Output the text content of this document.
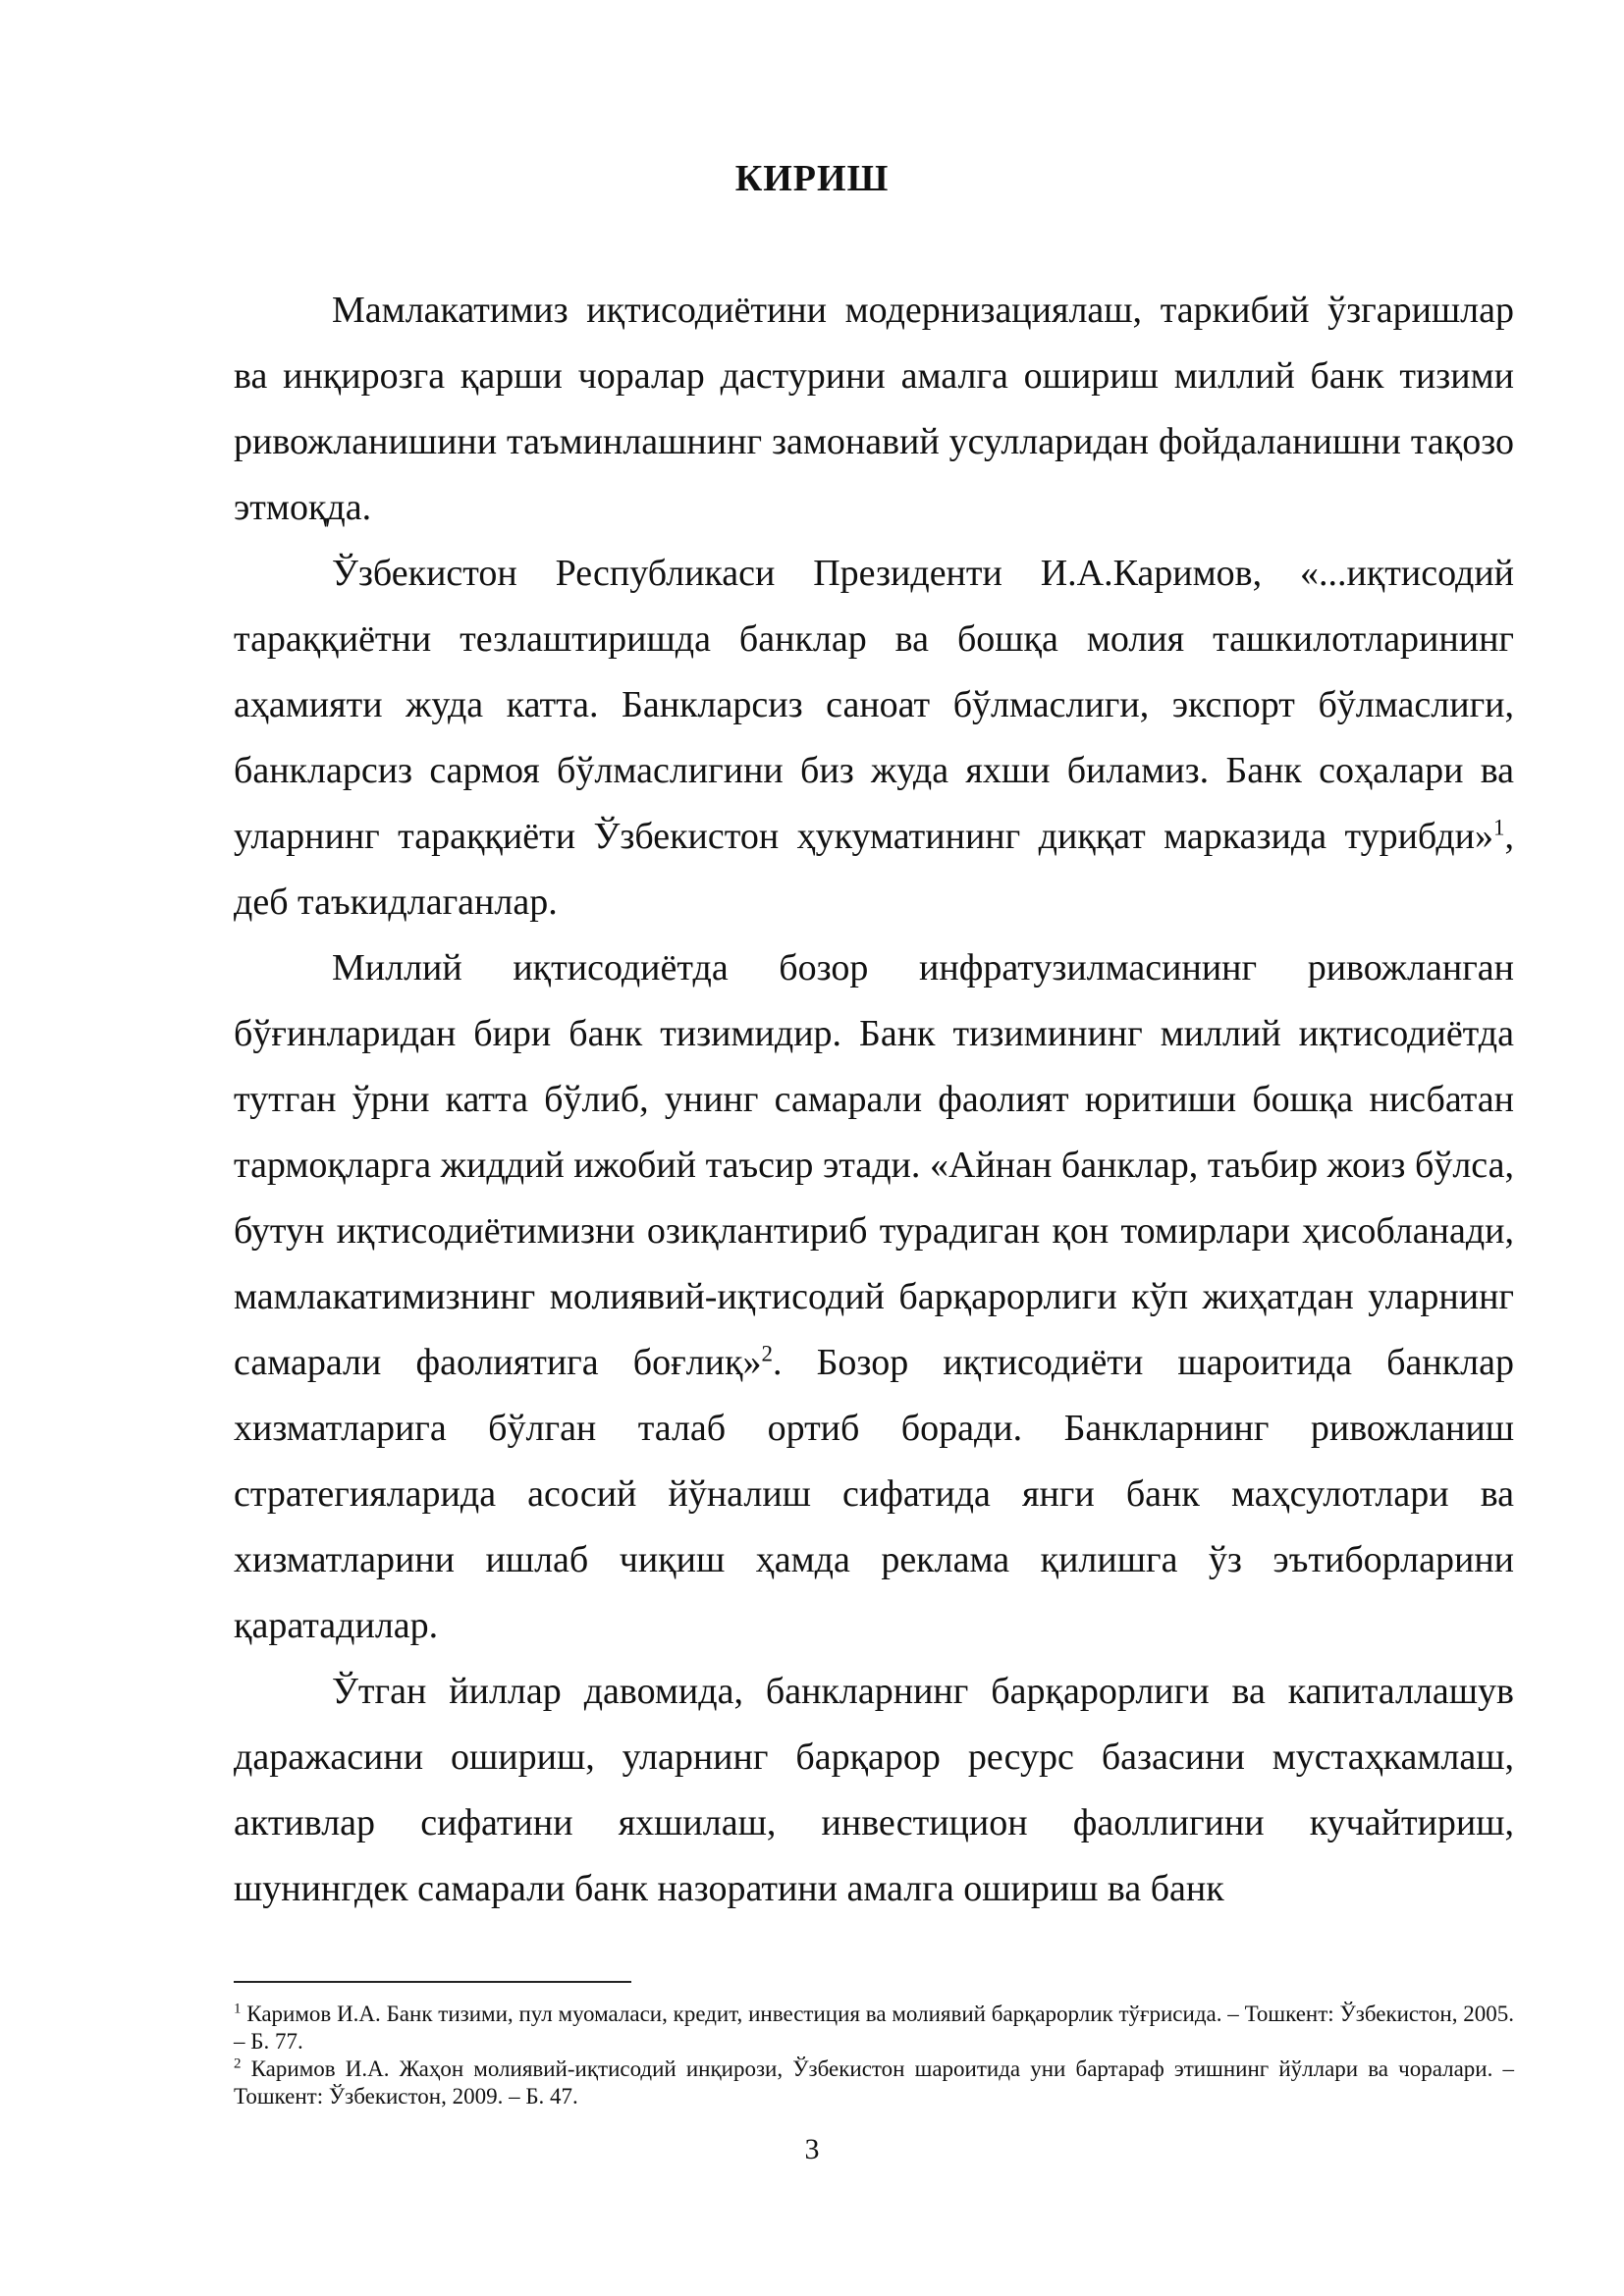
КИРИШ

Мамлакатимиз иқтисодиётини модернизациялаш, таркибий ўзгаришлар ва инқирозга қарши чоралар дастурини амалга ошириш миллий банк тизими ривожланишини таъминлашнинг замонавий усулларидан фойдаланишни тақозо этмоқда.

Ўзбекистон Республикаси Президенти И.А.Каримов, «...иқтисодий тараққиётни тезлаштиришда банклар ва бошқа молия ташкилотларининг аҳамияти жуда катта. Банкларсиз саноат бўлмаслиги, экспорт бўлмаслиги, банкларсиз сармоя бўлмаслигини биз жуда яхши биламиз. Банк соҳалари ва уларнинг тараққиёти Ўзбекистон ҳукуматининг диққат марказида турибди»$^1$, деб таъкидлаганлар.

Миллий иқтисодиётда бозор инфратузилмасининг ривожланган бўғинларидан бири банк тизимидир. Банк тизимининг миллий иқтисодиётда тутган ўрни катта бўлиб, унинг самарали фаолият юритиши бошқа нисбатан тармоқларга жиддий ижобий таъсир этади. «Айнан банклар, таъбир жоиз бўлса, бутун иқтисодиётимизни озиқлантириб турадиган қон томирлари ҳисобланади, мамлакатимизнинг молиявий-иқтисодий барқарорлиги кўп жиҳатдан уларнинг самарали фаолиятига боғлиқ»$^2$. Бозор иқтисодиёти шароитида банклар хизматларига бўлган талаб ортиб боради. Банкларнинг ривожланиш стратегияларида асосий йўналиш сифатида янги банк маҳсулотлари ва хизматларини ишлаб чиқиш ҳамда реклама қилишга ўз эътиборларини қаратадилар.

Ўтган йиллар давомида, банкларнинг барқарорлиги ва капиталлашув даражасини ошириш, уларнинг барқарор ресурс базасини мустаҳкамлаш, активлар сифатини яхшилаш, инвестицион фаоллигини кучайтириш, шунингдек самарали банк назоратини амалга ошириш ва банк

$^1$ Каримов И.А. Банк тизими, пул муомаласи, кредит, инвестиция ва молиявий барқарорлик тўғрисида. – Тошкент: Ўзбекистон, 2005. – Б. 77.

$^2$ Каримов И.А. Жаҳон молиявий-иқтисодий инқирози, Ўзбекистон шароитида уни бартараф этишнинг йўллари ва чоралари. – Тошкент: Ўзбекистон, 2009. – Б. 47.

3
